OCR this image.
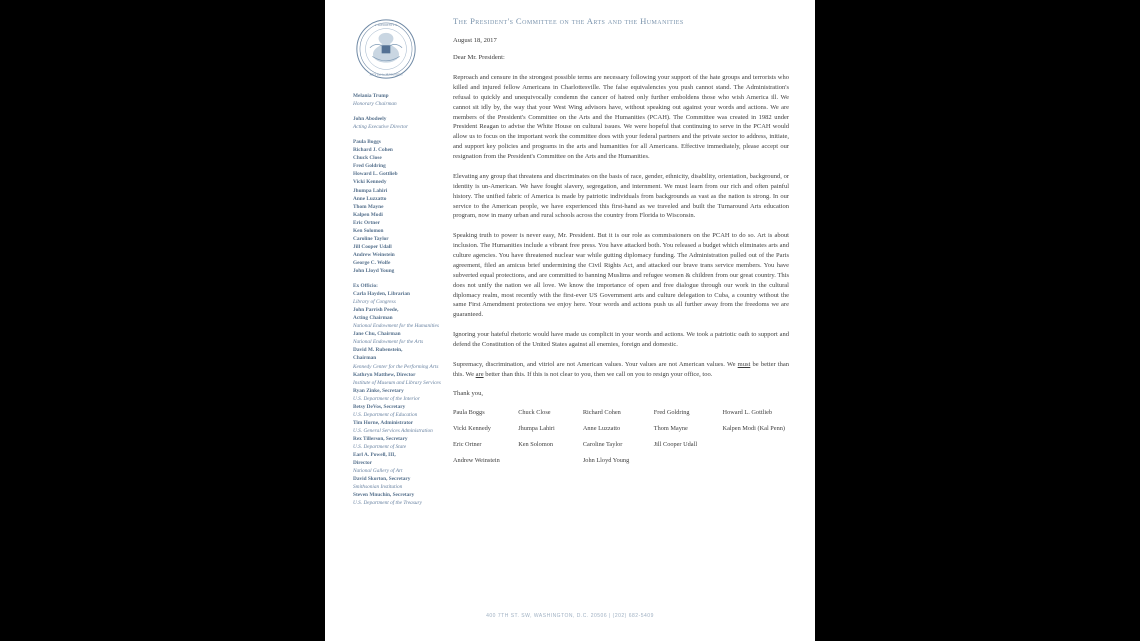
★ PRESIDENT'S ★
ARTS and the HUMANITIES
Melania Trump
Honorary Chairman
John Abodeely
Acting Executive Director
Paula Boggs
Richard J. Cohen
Chuck Close
Fred Goldring
Howard L. Gottlieb
Vicki Kennedy
Jhumpa Lahiri
Anne Luzzatto
Thom Mayne
Kalpen Modi
Eric Ortner
Ken Solomon
Caroline Taylor
Jill Cooper Udall
Andrew Weinstein
George C. Wolfe
John Lloyd Young
Ex Officio:
Carla Hayden, Librarian
Library of Congress
John Parrish Peede,
Acting Chairman
National Endowment for the Humanities
Jane Chu, Chairman
National Endowment for the Arts
David M. Rubenstein,
Chairman
Kennedy Center for the Performing Arts
Kathryn Matthew, Director
Institute of Museum and Library Services
Ryan Zinke, Secretary
U.S. Department of the Interior
Betsy DeVos, Secretary
U.S. Department of Education
Tim Horne, Administrator
U.S. General Services Administration
Rex Tillerson, Secretary
U.S. Department of State
Earl A. Powell, III,
Director
National Gallery of Art
David Skorton, Secretary
Smithsonian Institution
Steven Mnuchin, Secretary
U.S. Department of the Treasury
The President's Committee on the Arts and the Humanities
August 18, 2017
Dear Mr. President:

Reproach and censure in the strongest possible terms are necessary following your support of the hate groups and terrorists who killed and injured fellow Americans in Charlottesville. The false equivalencies you push cannot stand. The Administration's refusal to quickly and unequivocally condemn the cancer of hatred only further emboldens those who wish America ill. We cannot sit idly by, the way that your West Wing advisors have, without speaking out against your words and actions. We are members of the President's Committee on the Arts and the Humanities (PCAH). The Committee was created in 1982 under President Reagan to advise the White House on cultural issues. We were hopeful that continuing to serve in the PCAH would allow us to focus on the important work the committee does with your federal partners and the private sector to address, initiate, and support key policies and programs in the arts and humanities for all Americans. Effective immediately, please accept our resignation from the President's Committee on the Arts and the Humanities.

Elevating any group that threatens and discriminates on the basis of race, gender, ethnicity, disability, orientation, background, or identity is un-American. We have fought slavery, segregation, and internment. We must learn from our rich and often painful history. The unified fabric of America is made by patriotic individuals from backgrounds as vast as the nation is strong. In our service to the American people, we have experienced this first-hand as we traveled and built the Turnaround Arts education program, now in many urban and rural schools across the country from Florida to Wisconsin.

Speaking truth to power is never easy, Mr. President. But it is our role as commissioners on the PCAH to do so. Art is about inclusion. The Humanities include a vibrant free press. You have attacked both. You released a budget which eliminates arts and culture agencies. You have threatened nuclear war while gutting diplomacy funding. The Administration pulled out of the Paris agreement, filed an amicus brief undermining the Civil Rights Act, and attacked our brave trans service members. You have subverted equal protections, and are committed to banning Muslims and refugee women & children from our great country. This does not unify the nation we all love. We know the importance of open and free dialogue through our work in the cultural diplomacy realm, most recently with the first-ever US Government arts and culture delegation to Cuba, a country without the same First Amendment protections we enjoy here. Your words and actions push us all further away from the freedoms we are guaranteed.

Ignoring your hateful rhetoric would have made us complicit in your words and actions. We took a patriotic oath to support and defend the Constitution of the United States against all enemies, foreign and domestic.

Supremacy, discrimination, and vitriol are not American values. Your values are not American values. We must be better than this. We are better than this. If this is not clear to you, then we call on you to resign your office, too.

Thank you,
Paula Boggs	Chuck Close	Richard Cohen	Fred Goldring	Howard L. Gottlieb
Vicki Kennedy	Jhumpa Lahiri	Anne Luzzatto	Thom Mayne	Kalpen Modi (Kal Penn)
Eric Ortner	Ken Solomon	Caroline Taylor	Jill Cooper Udall	
Andrew Weinstein		John Lloyd Young		
400 7TH ST. SW, WASHINGTON, D.C. 20506 | (202) 682-5409
